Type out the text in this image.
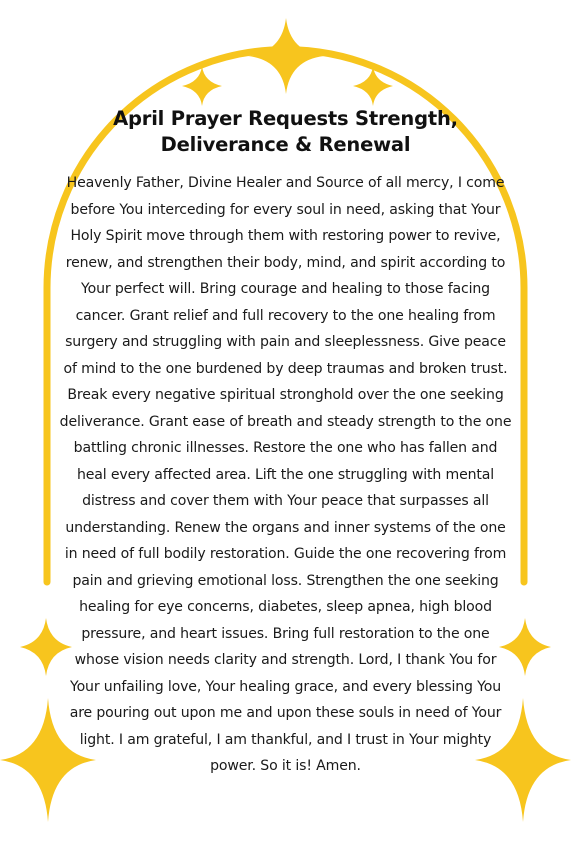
April Prayer Requests Strength, Deliverance & Renewal

Heavenly Father, Divine Healer and Source of all mercy, I come before You interceding for every soul in need, asking that Your Holy Spirit move through them with restoring power to revive, renew, and strengthen their body, mind, and spirit according to Your perfect will. Bring courage and healing to those facing cancer. Grant relief and full recovery to the one healing from surgery and struggling with pain and sleeplessness. Give peace of mind to the one burdened by deep traumas and broken trust. Break every negative spiritual stronghold over the one seeking deliverance. Grant ease of breath and steady strength to the one battling chronic illnesses. Restore the one who has fallen and heal every affected area. Lift the one struggling with mental distress and cover them with Your peace that surpasses all understanding. Renew the organs and inner systems of the one in need of full bodily restoration. Guide the one recovering from pain and grieving emotional loss. Strengthen the one seeking healing for eye concerns, diabetes, sleep apnea, high blood pressure, and heart issues. Bring full restoration to the one whose vision needs clarity and strength. Lord, I thank You for Your unfailing love, Your healing grace, and every blessing You are pouring out upon me and upon these souls in need of Your light. I am grateful, I am thankful, and I trust in Your mighty power. So it is! Amen.
